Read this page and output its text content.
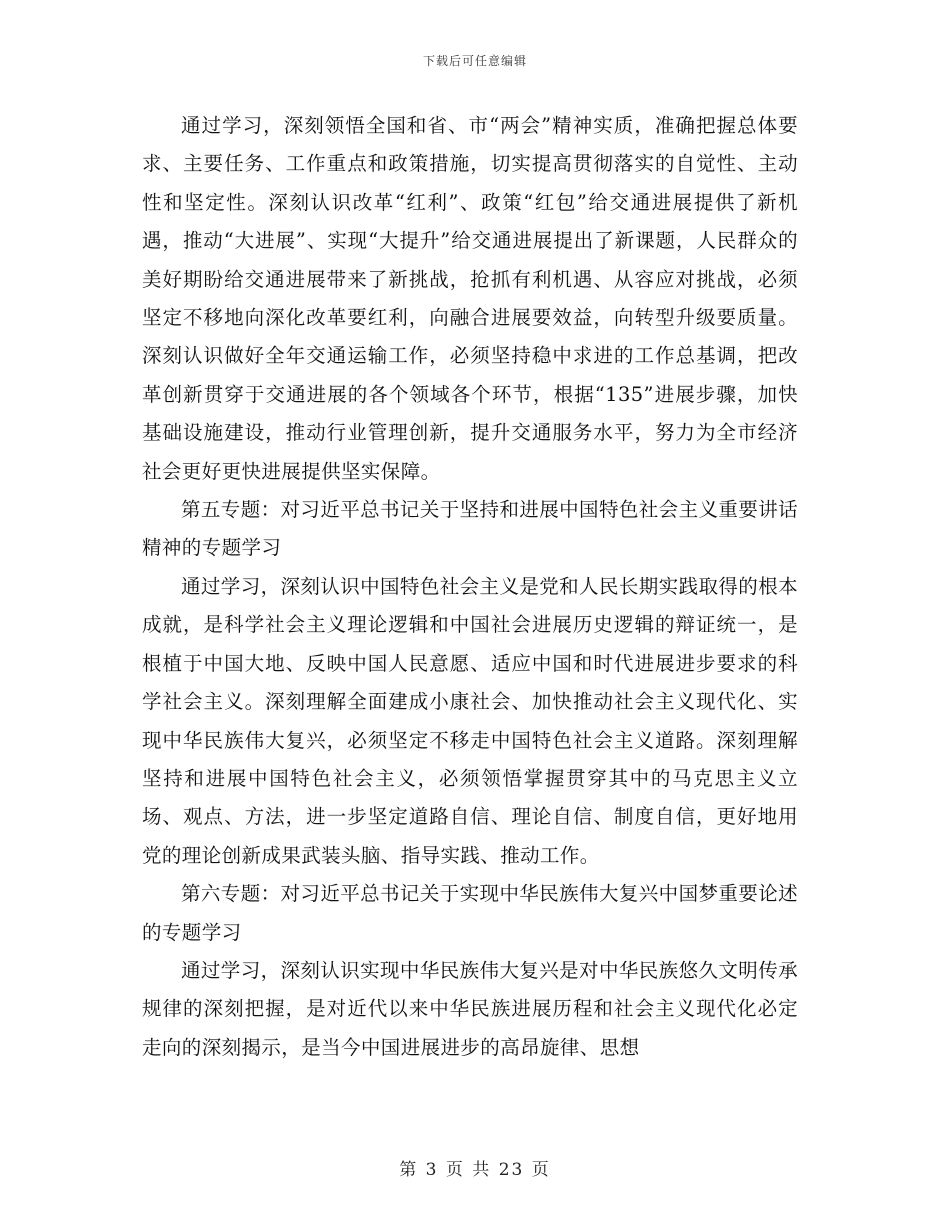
下载后可任意编辑

通过学习，深刻领悟全国和省、市“两会”精神实质，准确把握总体要求、主要任务、工作重点和政策措施，切实提高贯彻落实的自觉性、主动性和坚定性。深刻认识改革“红利”、政策“红包”给交通进展提供了新机遇，推动“大进展”、实现“大提升”给交通进展提出了新课题，人民群众的美好期盼给交通进展带来了新挑战，抢抓有利机遇、从容应对挑战，必须坚定不移地向深化改革要红利，向融合进展要效益，向转型升级要质量。深刻认识做好全年交通运输工作，必须坚持稳中求进的工作总基调，把改革创新贯穿于交通进展的各个领域各个环节，根据“135”进展步骤，加快基础设施建设，推动行业管理创新，提升交通服务水平，努力为全市经济社会更好更快进展提供坚实保障。

第五专题：对习近平总书记关于坚持和进展中国特色社会主义重要讲话精神的专题学习

通过学习，深刻认识中国特色社会主义是党和人民长期实践取得的根本成就，是科学社会主义理论逻辑和中国社会进展历史逻辑的辩证统一，是根植于中国大地、反映中国人民意愿、适应中国和时代进展进步要求的科学社会主义。深刻理解全面建成小康社会、加快推动社会主义现代化、实现中华民族伟大复兴，必须坚定不移走中国特色社会主义道路。深刻理解坚持和进展中国特色社会主义，必须领悟掌握贯穿其中的马克思主义立场、观点、方法，进一步坚定道路自信、理论自信、制度自信，更好地用党的理论创新成果武装头脑、指导实践、推动工作。

第六专题：对习近平总书记关于实现中华民族伟大复兴中国梦重要论述的专题学习

通过学习，深刻认识实现中华民族伟大复兴是对中华民族悠久文明传承规律的深刻把握，是对近代以来中华民族进展历程和社会主义现代化必定走向的深刻揭示，是当今中国进展进步的高昂旋律、思想

第 3 页 共 23 页
